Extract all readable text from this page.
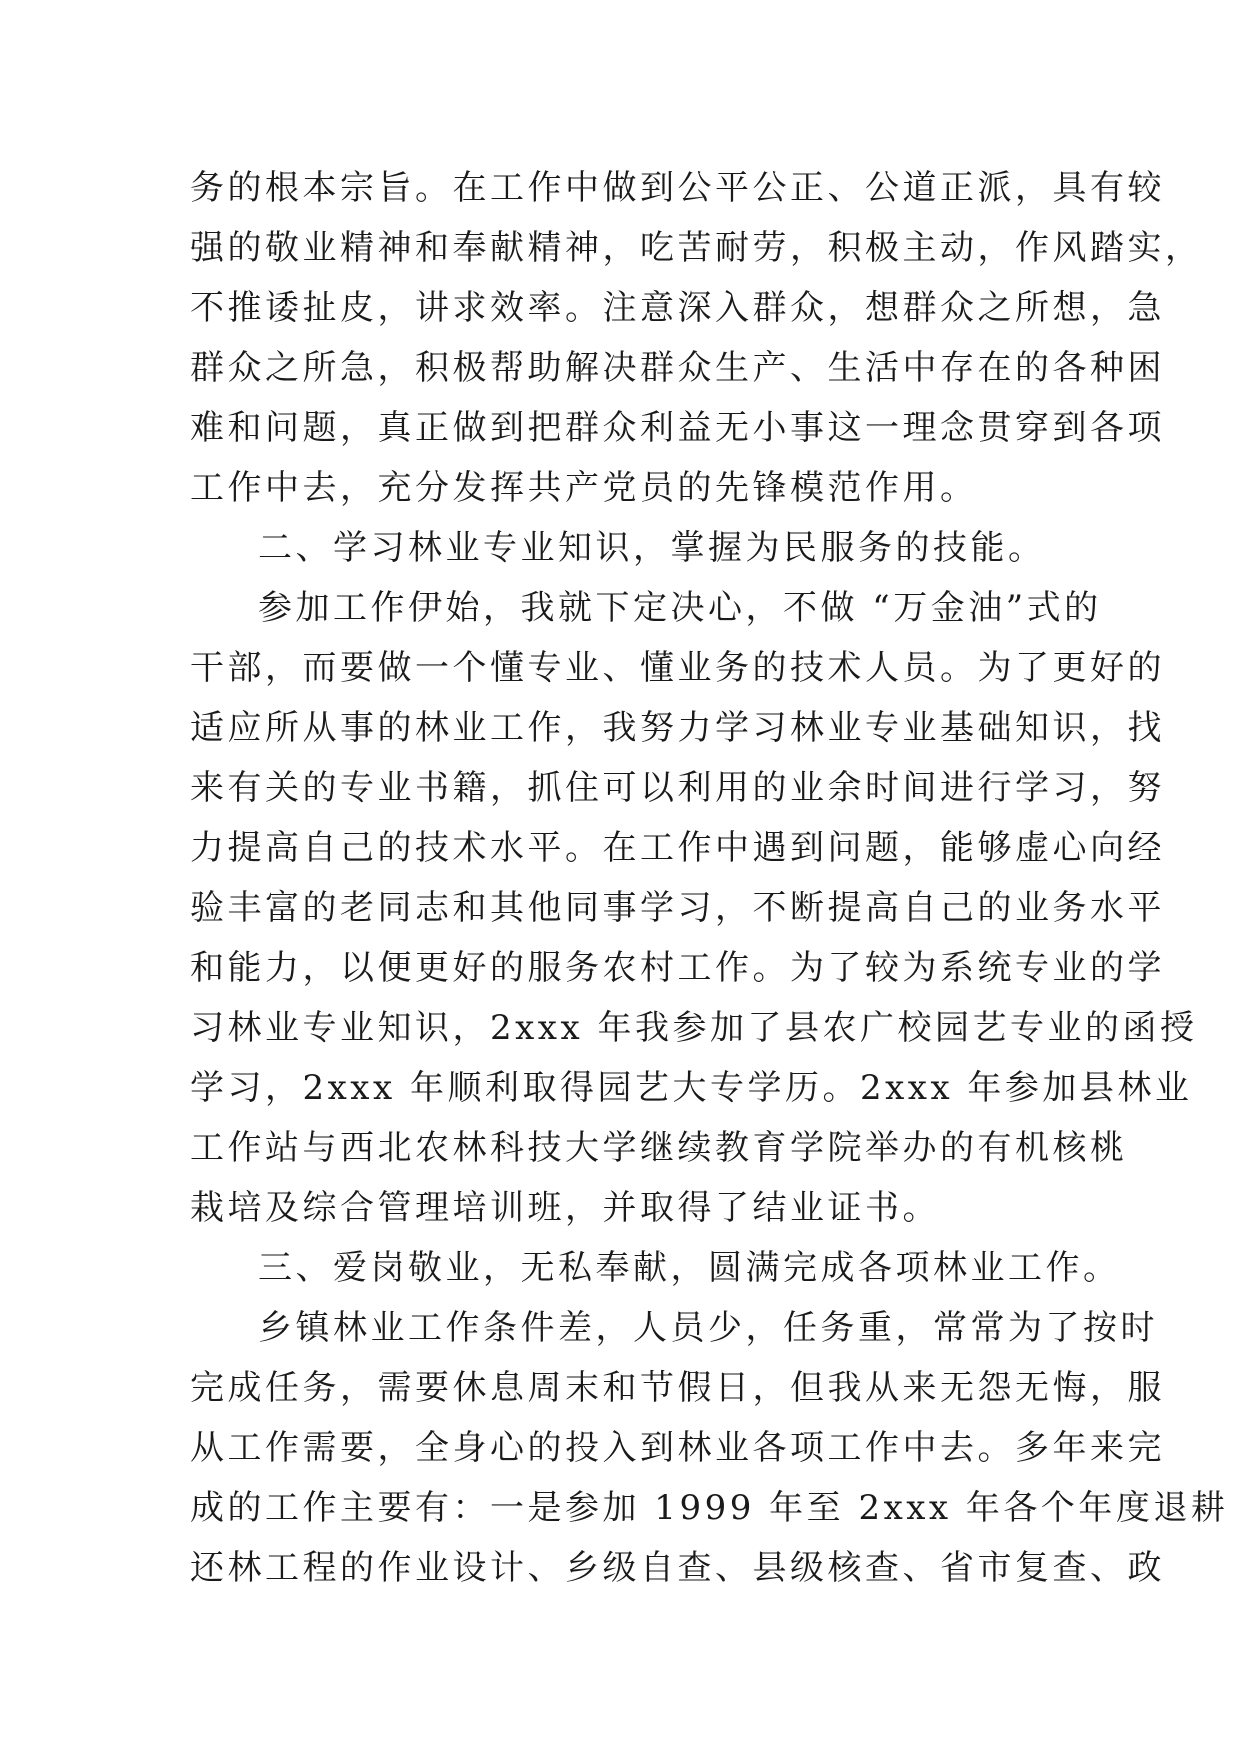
务的根本宗旨。在工作中做到公平公正、公道正派，具有较
强的敬业精神和奉献精神，吃苦耐劳，积极主动，作风踏实，
不推诿扯皮，讲求效率。注意深入群众，想群众之所想，急
群众之所急，积极帮助解决群众生产、生活中存在的各种困
难和问题，真正做到把群众利益无小事这一理念贯穿到各项
工作中去，充分发挥共产党员的先锋模范作用。
二、学习林业专业知识，掌握为民服务的技能。
参加工作伊始，我就下定决心，不做 “万金油”式的
干部，而要做一个懂专业、懂业务的技术人员。为了更好的
适应所从事的林业工作，我努力学习林业专业基础知识，找
来有关的专业书籍，抓住可以利用的业余时间进行学习，努
力提高自己的技术水平。在工作中遇到问题，能够虚心向经
验丰富的老同志和其他同事学习，不断提高自己的业务水平
和能力，以便更好的服务农村工作。为了较为系统专业的学
习林业专业知识，2xxx 年我参加了县农广校园艺专业的函授
学习，2xxx 年顺利取得园艺大专学历。2xxx 年参加县林业
工作站与西北农林科技大学继续教育学院举办的有机核桃
栽培及综合管理培训班，并取得了结业证书。
三、爱岗敬业，无私奉献，圆满完成各项林业工作。
乡镇林业工作条件差，人员少，任务重，常常为了按时
完成任务，需要休息周末和节假日，但我从来无怨无悔，服
从工作需要，全身心的投入到林业各项工作中去。多年来完
成的工作主要有：一是参加 1999 年至 2xxx 年各个年度退耕
还林工程的作业设计、乡级自查、县级核查、省市复查、政
